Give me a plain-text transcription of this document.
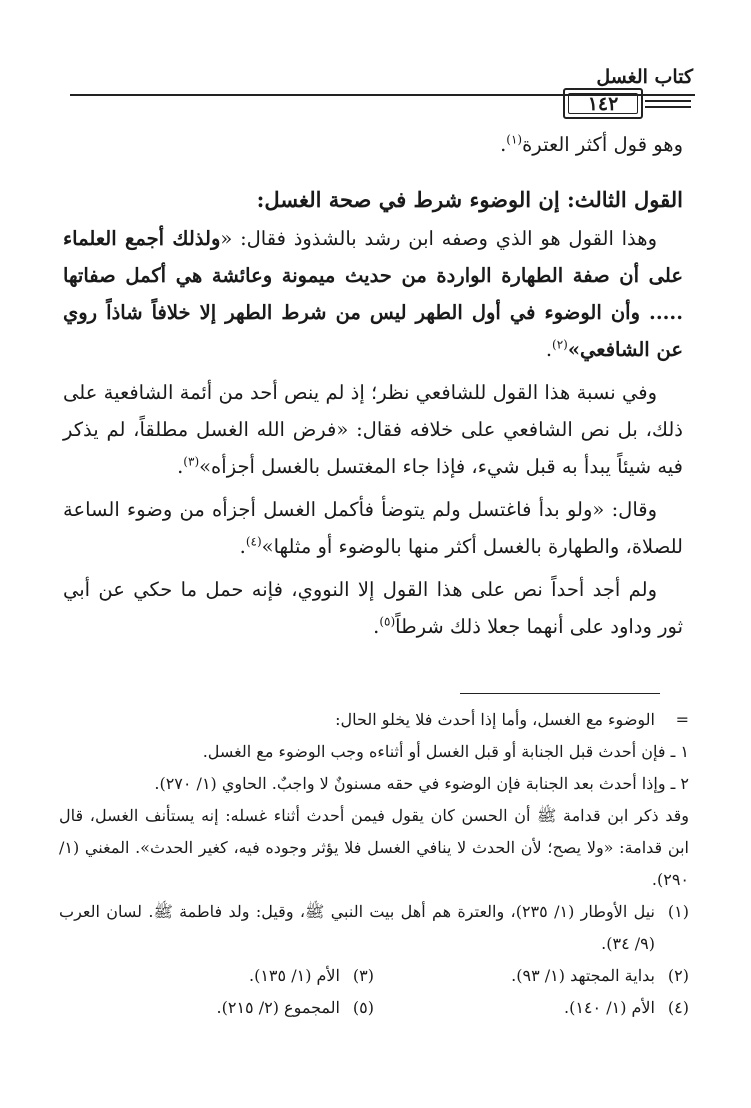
كتاب الغسل
١٤٢

وهو قول أكثر العترة$^{(١)}$.

القول الثالث: إن الوضوء شرط في صحة الغسل:

وهذا القول هو الذي وصفه ابن رشد بالشذوذ فقال: «ولذلك أجمع العلماء على أن صفة الطهارة الواردة من حديث ميمونة وعائشة هي أكمل صفاتها ..... وأن الوضوء في أول الطهر ليس من شرط الطهر إلا خلافاً شاذاً روي عن الشافعي»$^{(٢)}$.

وفي نسبة هذا القول للشافعي نظر؛ إذ لم ينص أحد من أئمة الشافعية على ذلك، بل نص الشافعي على خلافه فقال: «فرض الله الغسل مطلقاً، لم يذكر فيه شيئاً يبدأ به قبل شيء، فإذا جاء المغتسل بالغسل أجزأه»$^{(٣)}$.

وقال: «ولو بدأ فاغتسل ولم يتوضأ فأكمل الغسل أجزأه من وضوء الساعة للصلاة، والطهارة بالغسل أكثر منها بالوضوء أو مثلها»$^{(٤)}$.

ولم أجد أحداً نص على هذا القول إلا النووي، فإنه حمل ما حكي عن أبي ثور وداود على أنهما جعلا ذلك شرطاً$^{(٥)}$.

=
الوضوء مع الغسل، وأما إذا أحدث فلا يخلو الحال:

١ ـ فإن أحدث قبل الجنابة أو قبل الغسل أو أثناءه وجب الوضوء مع الغسل.

٢ ـ وإذا أحدث بعد الجنابة فإن الوضوء في حقه مسنونٌ لا واجبٌ. الحاوي (١/ ٢٧٠).

وقد ذكر ابن قدامة ﷺ أن الحسن كان يقول فيمن أحدث أثناء غسله: إنه يستأنف الغسل، قال ابن قدامة: «ولا يصح؛ لأن الحدث لا ينافي الغسل فلا يؤثر وجوده فيه، كغير الحدث». المغني (١/ ٢٩٠).

(١)
نيل الأوطار (١/ ٢٣٥)، والعترة هم أهل بيت النبي ﷺ، وقيل: ولد فاطمة ﷺ. لسان العرب (٩/ ٣٤).
(٢)
بداية المجتهد (١/ ٩٣).
(٣)
الأم (١/ ١٣٥).
(٤)
الأم (١/ ١٤٠).
(٥)
المجموع (٢/ ٢١٥).
